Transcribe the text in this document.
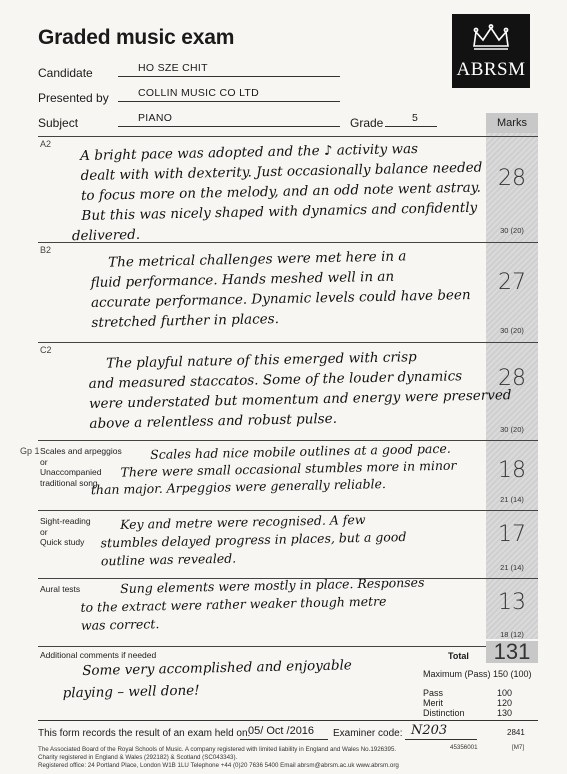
Graded music exam
ABRSM
Candidate	HO SZE CHIT
Presented by	COLLIN MUSIC CO LTD
Subject	PIANO	Grade	5	Marks
A2 A bright pace was adopted and the ♪ activity was
dealt with with dexterity. Just occasionally balance needed
to focus more on the melody, and an odd note went astray.
But this was nicely shaped with dynamics and confidently
delivered.
28
30 (20)
B2	The metrical challenges were met here in a
fluid performance. Hands meshed well in an
accurate performance. Dynamic levels could have been
stretched further in places.
27
30 (20)
C2	The playful nature of this emerged with crisp
and measured staccatos. Some of the louder dynamics
were understated but momentum and energy were preserved
above a relentless and robust pulse.
28
30 (20)
Gp 1 Scales and arpeggios
or
Unaccompanied
traditional song
Scales had nice mobile outlines at a good pace.
There were small occasional stumbles more in minor
than major. Arpeggios were generally reliable.
18
21 (14)
Sight-reading
or
Quick study
Key and metre were recognised. A few
stumbles delayed progress in places, but a good
outline was revealed.
17
21 (14)
Aural tests	Sung elements were mostly in place. Responses
to the extract were rather weaker though metre
was correct.
13
18 (12)
Additional comments if needed
Some very accomplished and enjoyable
playing – well done!
Total	131
Maximum (Pass) 150 (100)
Pass	100
Merit	120
Distinction	130
This form records the result of an exam held on:
05/ Oct /2016 Examiner code: N203	2841
The Associated Board of the Royal Schools of Music. A company registered with limited liability in England and Wales No.1926395.
Charity registered in England & Wales (292182) & Scotland (SC043343).
Registered office: 24 Portland Place, London W1B 1LU Telephone +44 (0)20 7636 5400 Email abrsm@abrsm.ac.uk www.abrsm.org
45356001	[M7]
